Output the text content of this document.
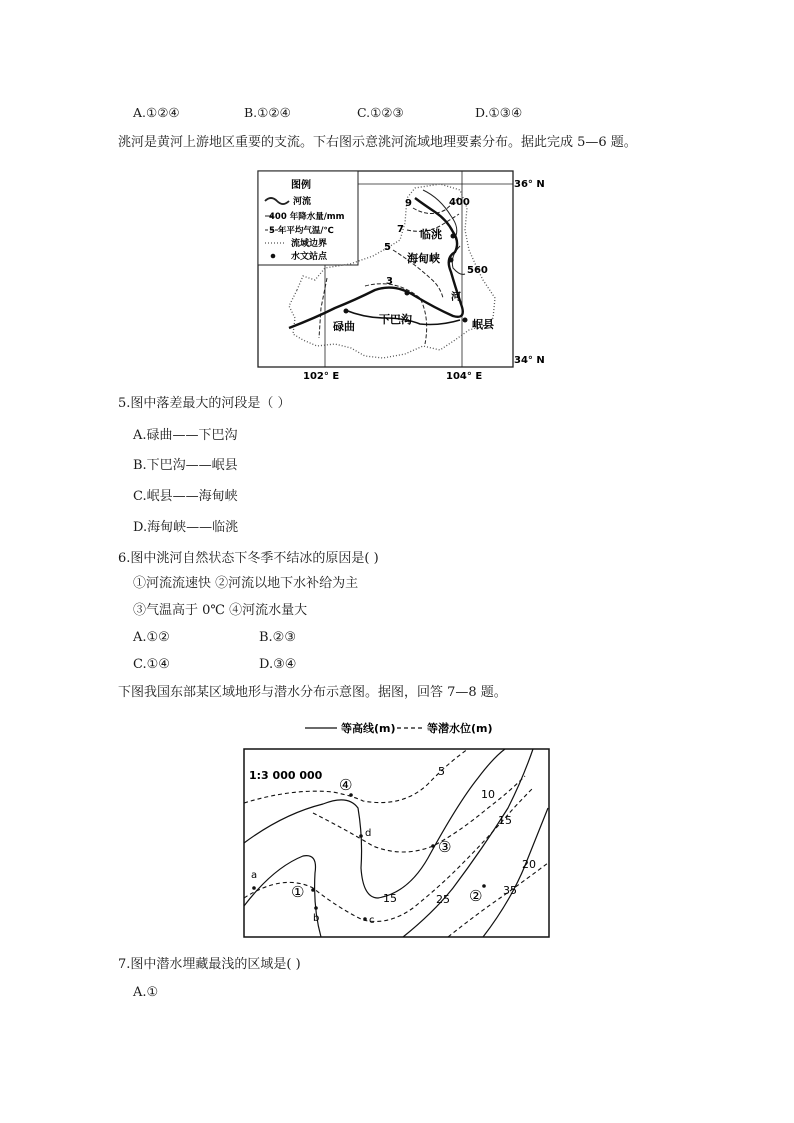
A.①②④	B.①②④	C.①②③	D.①③④
洮河是黄河上游地区重要的支流。下右图示意洮河流域地理要素分布。据此完成 5—6 题。
图例
河流
400 年降水量/mm
5 年平均气温/℃
流域边界
水文站点
9
7
5
3
400
560
河
临洮
海甸峡
下巴沟
碌曲	岷县
36° N
34° N
102° E	104° E
5.图中落差最大的河段是（ ）
A.碌曲——下巴沟
B.下巴沟——岷县
C.岷县——海甸峡
D.海甸峡——临洮
6.图中洮河自然状态下冬季不结冰的原因是( )
①河流流速快 ②河流以地下水补给为主
③气温高于 0℃ ④河流水量大
A.①②	B.②③
C.①④	D.③④
下图我国东部某区域地形与潜水分布示意图。据图，回答 7—8 题。
等高线(m)	等潜水位(m)
1:3 000 000
a
b	c
d
①	②
③
④
5
10
15
20
15	25
35
7.图中潜水埋藏最浅的区域是( )
A.①
